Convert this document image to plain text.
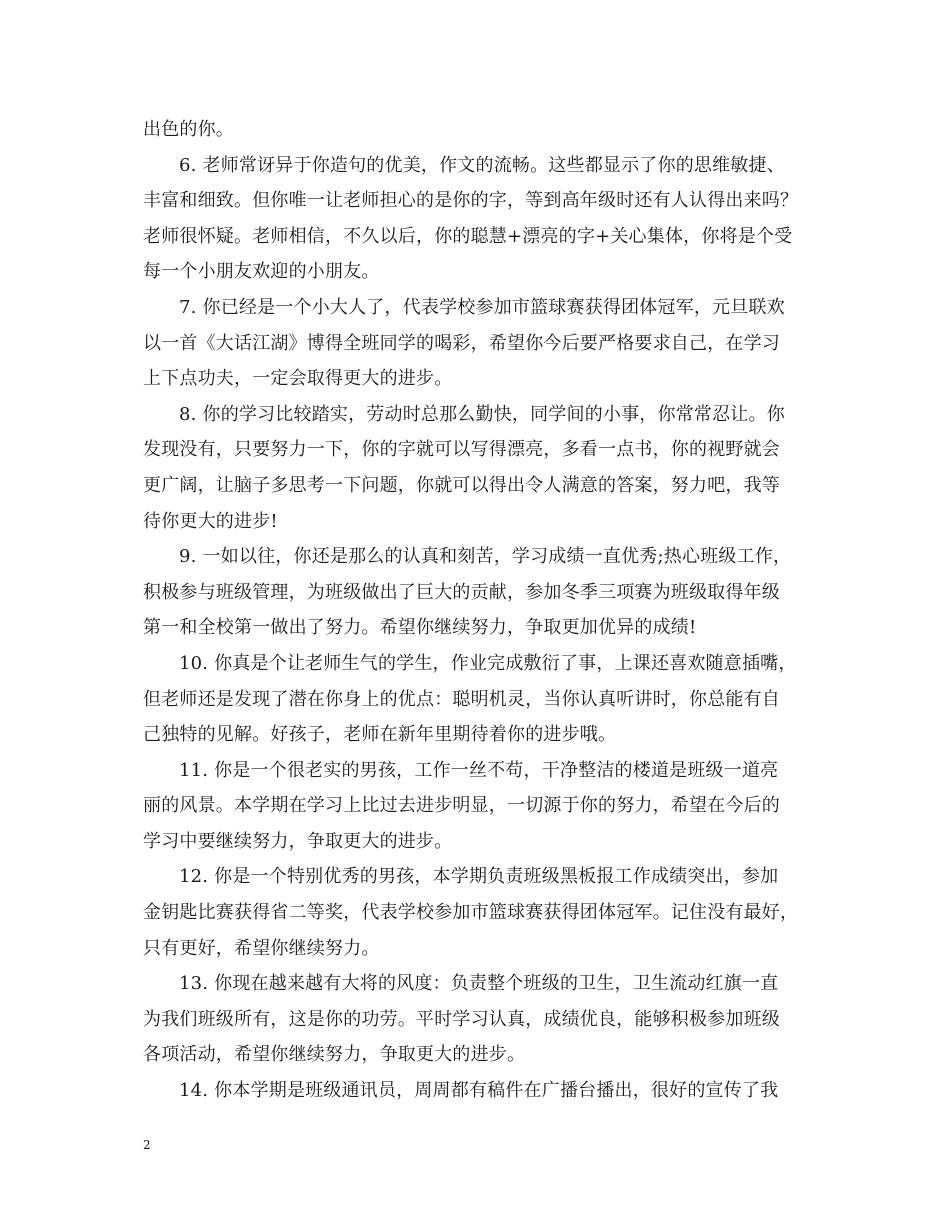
出色的你。
6. 老师常讶异于你造句的优美，作文的流畅。这些都显示了你的思维敏捷、
丰富和细致。但你唯一让老师担心的是你的字，等到高年级时还有人认得出来吗？
老师很怀疑。老师相信，不久以后，你的聪慧+漂亮的字+关心集体，你将是个受
每一个小朋友欢迎的小朋友。
7. 你已经是一个小大人了，代表学校参加市篮球赛获得团体冠军，元旦联欢
以一首《大话江湖》博得全班同学的喝彩，希望你今后要严格要求自己，在学习
上下点功夫，一定会取得更大的进步。
8. 你的学习比较踏实，劳动时总那么勤快，同学间的小事，你常常忍让。你
发现没有，只要努力一下，你的字就可以写得漂亮，多看一点书，你的视野就会
更广阔，让脑子多思考一下问题，你就可以得出令人满意的答案，努力吧，我等
待你更大的进步!
9. 一如以往，你还是那么的认真和刻苦，学习成绩一直优秀;热心班级工作，
积极参与班级管理，为班级做出了巨大的贡献，参加冬季三项赛为班级取得年级
第一和全校第一做出了努力。希望你继续努力，争取更加优异的成绩!
10. 你真是个让老师生气的学生，作业完成敷衍了事，上课还喜欢随意插嘴，
但老师还是发现了潜在你身上的优点：聪明机灵，当你认真听讲时，你总能有自
己独特的见解。好孩子，老师在新年里期待着你的进步哦。
11. 你是一个很老实的男孩，工作一丝不苟，干净整洁的楼道是班级一道亮
丽的风景。本学期在学习上比过去进步明显，一切源于你的努力，希望在今后的
学习中要继续努力，争取更大的进步。
12. 你是一个特别优秀的男孩，本学期负责班级黑板报工作成绩突出，参加
金钥匙比赛获得省二等奖，代表学校参加市篮球赛获得团体冠军。记住没有最好，
只有更好，希望你继续努力。
13. 你现在越来越有大将的风度：负责整个班级的卫生，卫生流动红旗一直
为我们班级所有，这是你的功劳。平时学习认真，成绩优良，能够积极参加班级
各项活动，希望你继续努力，争取更大的进步。
14. 你本学期是班级通讯员，周周都有稿件在广播台播出，很好的宣传了我
2
